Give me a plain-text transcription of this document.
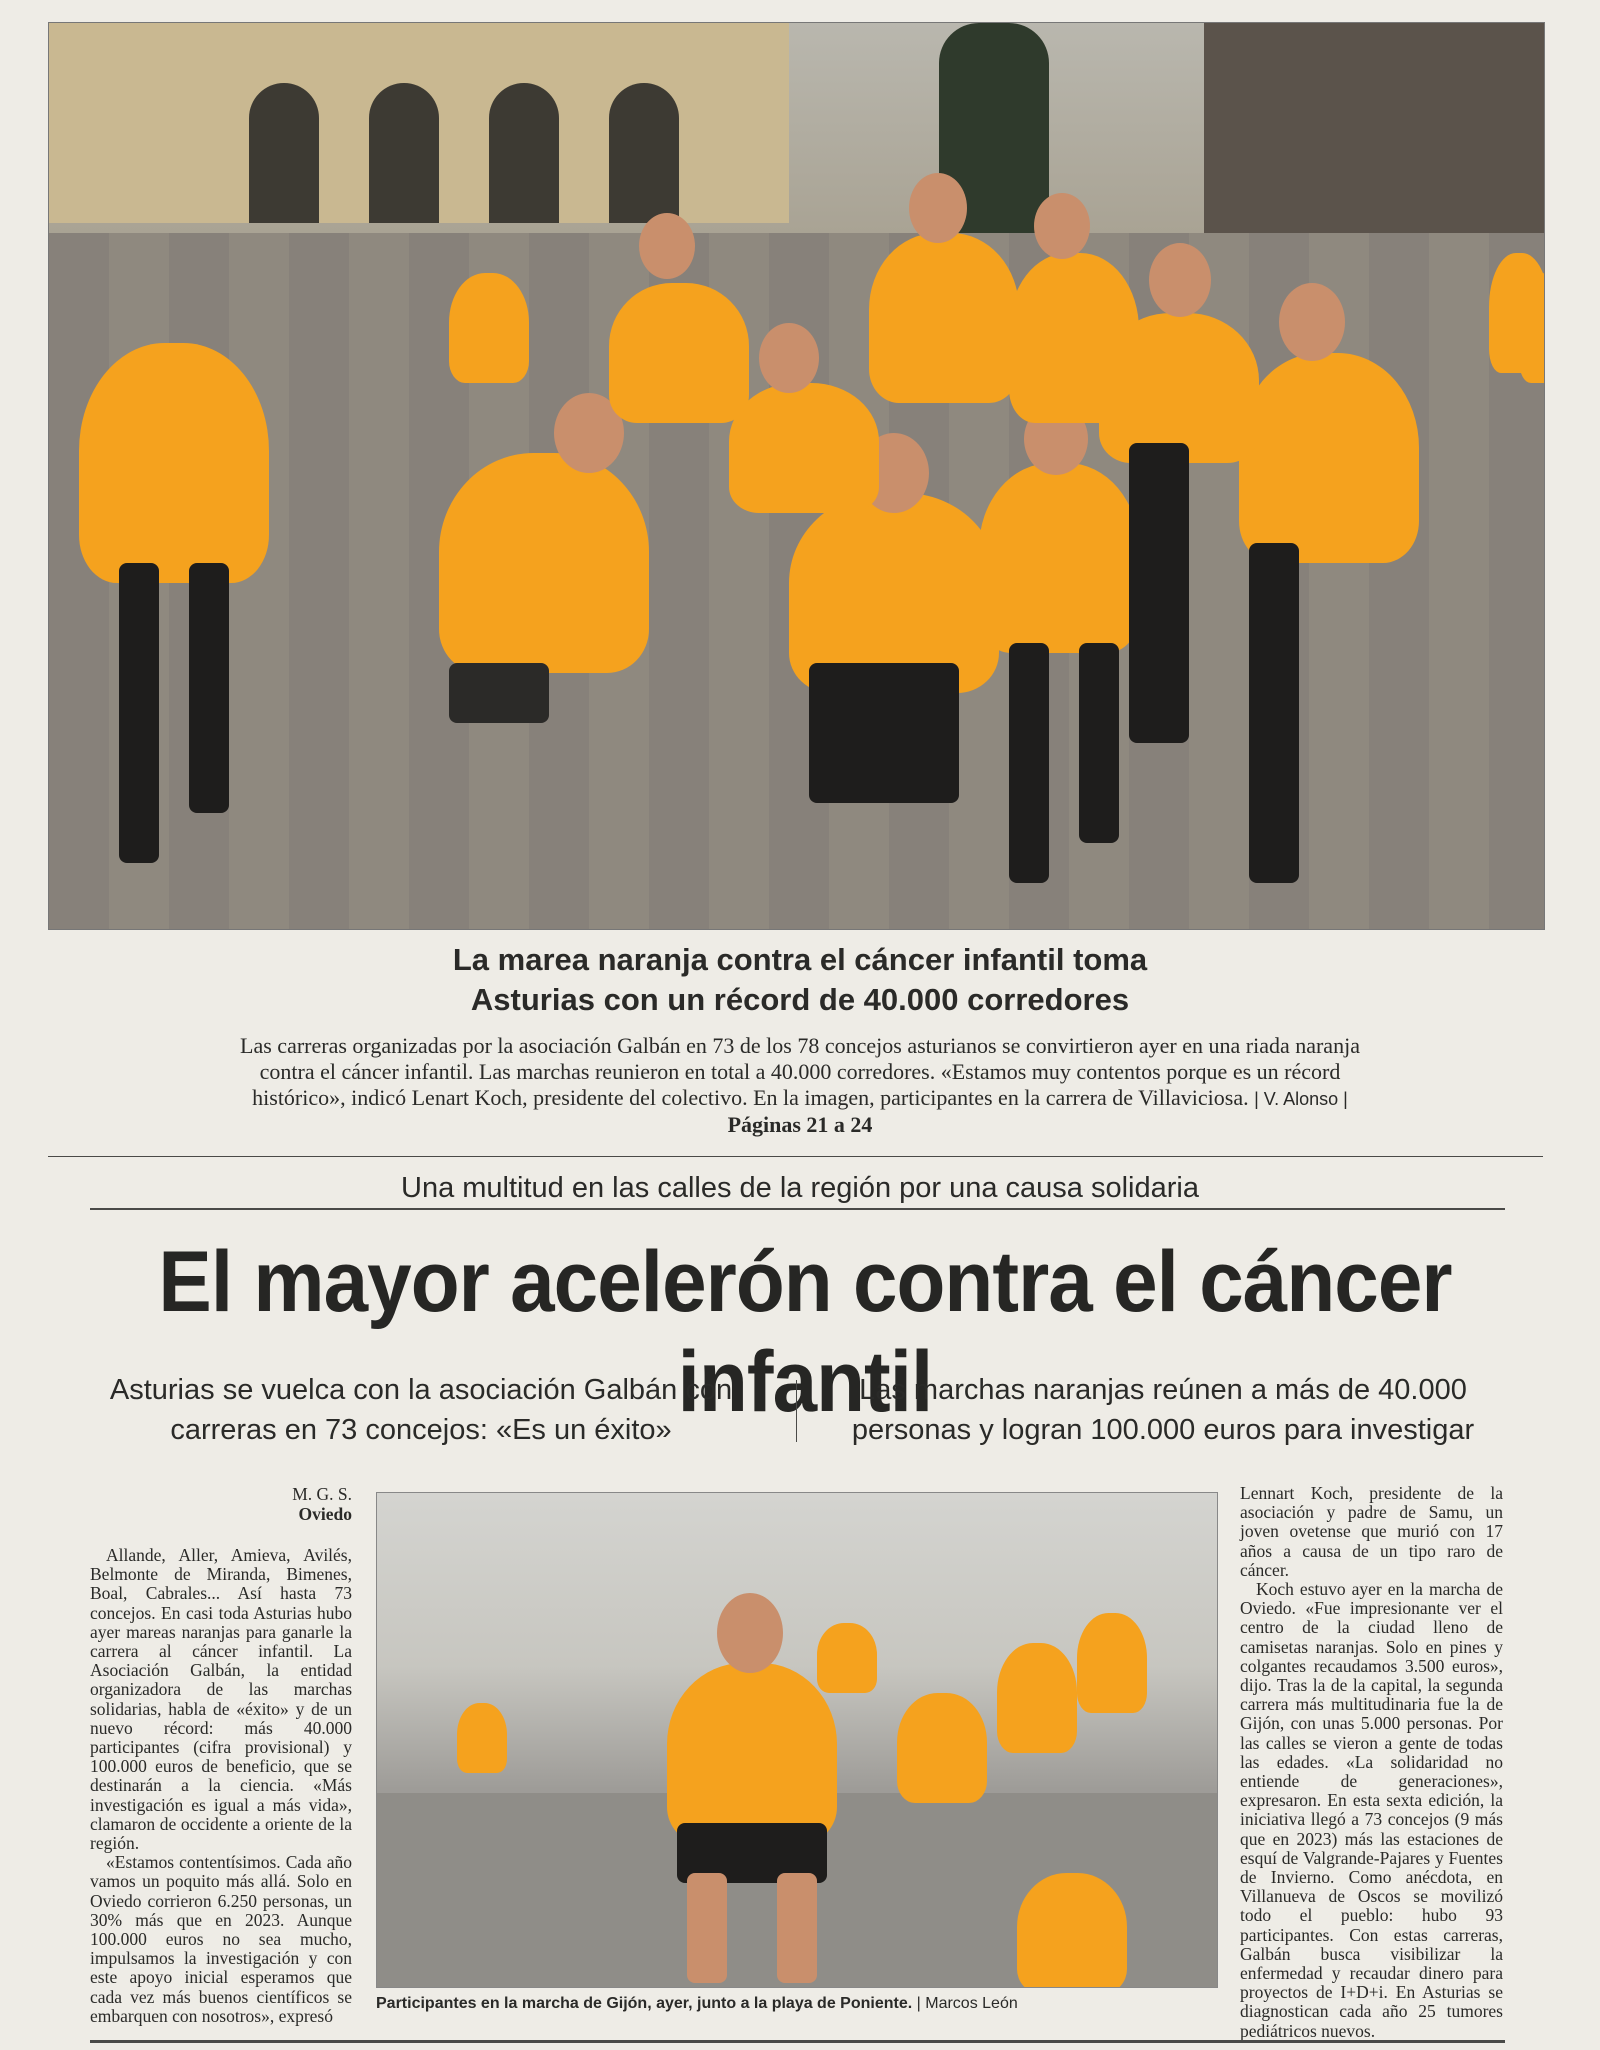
La marea naranja contra el cáncer infantil toma
Asturias con un récord de 40.000 corredores
Las carreras organizadas por la asociación Galbán en 73 de los 78 concejos asturianos se convirtieron ayer en una riada naranja contra el cáncer infantil. Las marchas reunieron en total a 40.000 corredores. «Estamos muy contentos porque es un récord histórico», indicó Lenart Koch, presidente del colectivo. En la imagen, participantes en la carrera de Villaviciosa. | V. Alonso | Páginas 21 a 24
Una multitud en las calles de la región por una causa solidaria
El mayor acelerón contra el cáncer infantil
Asturias se vuelca con la asociación Galbán con carreras en 73 concejos: «Es un éxito»
Las marchas naranjas reúnen a más de 40.000 personas y logran 100.000 euros para investigar
M. G. S.
Oviedo

Allande, Aller, Amieva, Avilés, Belmonte de Miranda, Bimenes, Boal, Cabrales... Así hasta 73 concejos. En casi toda Asturias hubo ayer mareas naranjas para ganarle la carrera al cáncer infantil. La Asociación Galbán, la entidad organizadora de las marchas solidarias, habla de «éxito» y de un nuevo récord: más 40.000 participantes (cifra provisional) y 100.000 euros de beneficio, que se destinarán a la ciencia. «Más investigación es igual a más vida», clamaron de occidente a oriente de la región.

«Estamos contentísimos. Cada año vamos un poquito más allá. Solo en Oviedo corrieron 6.250 personas, un 30% más que en 2023. Aunque 100.000 euros no sea mucho, impulsamos la investigación y con este apoyo inicial esperamos que cada vez más buenos científicos se embarquen con nosotros», expresó

Participantes en la marcha de Gijón, ayer, junto a la playa de Poniente. | Marcos León

Lennart Koch, presidente de la asociación y padre de Samu, un joven ovetense que murió con 17 años a causa de un tipo raro de cáncer.

Koch estuvo ayer en la marcha de Oviedo. «Fue impresionante ver el centro de la ciudad lleno de camisetas naranjas. Solo en pines y colgantes recaudamos 3.500 euros», dijo. Tras la de la capital, la segunda carrera más multitudinaria fue la de Gijón, con unas 5.000 personas. Por las calles se vieron a gente de todas las edades. «La solidaridad no entiende de generaciones», expresaron. En esta sexta edición, la iniciativa llegó a 73 concejos (9 más que en 2023) más las estaciones de esquí de Valgrande-Pajares y Fuentes de Invierno. Como anécdota, en Villanueva de Oscos se movilizó todo el pueblo: hubo 93 participantes. Con estas carreras, Galbán busca visibilizar la enfermedad y recaudar dinero para proyectos de I+D+i. En Asturias se diagnostican cada año 25 tumores pediátricos nuevos.
